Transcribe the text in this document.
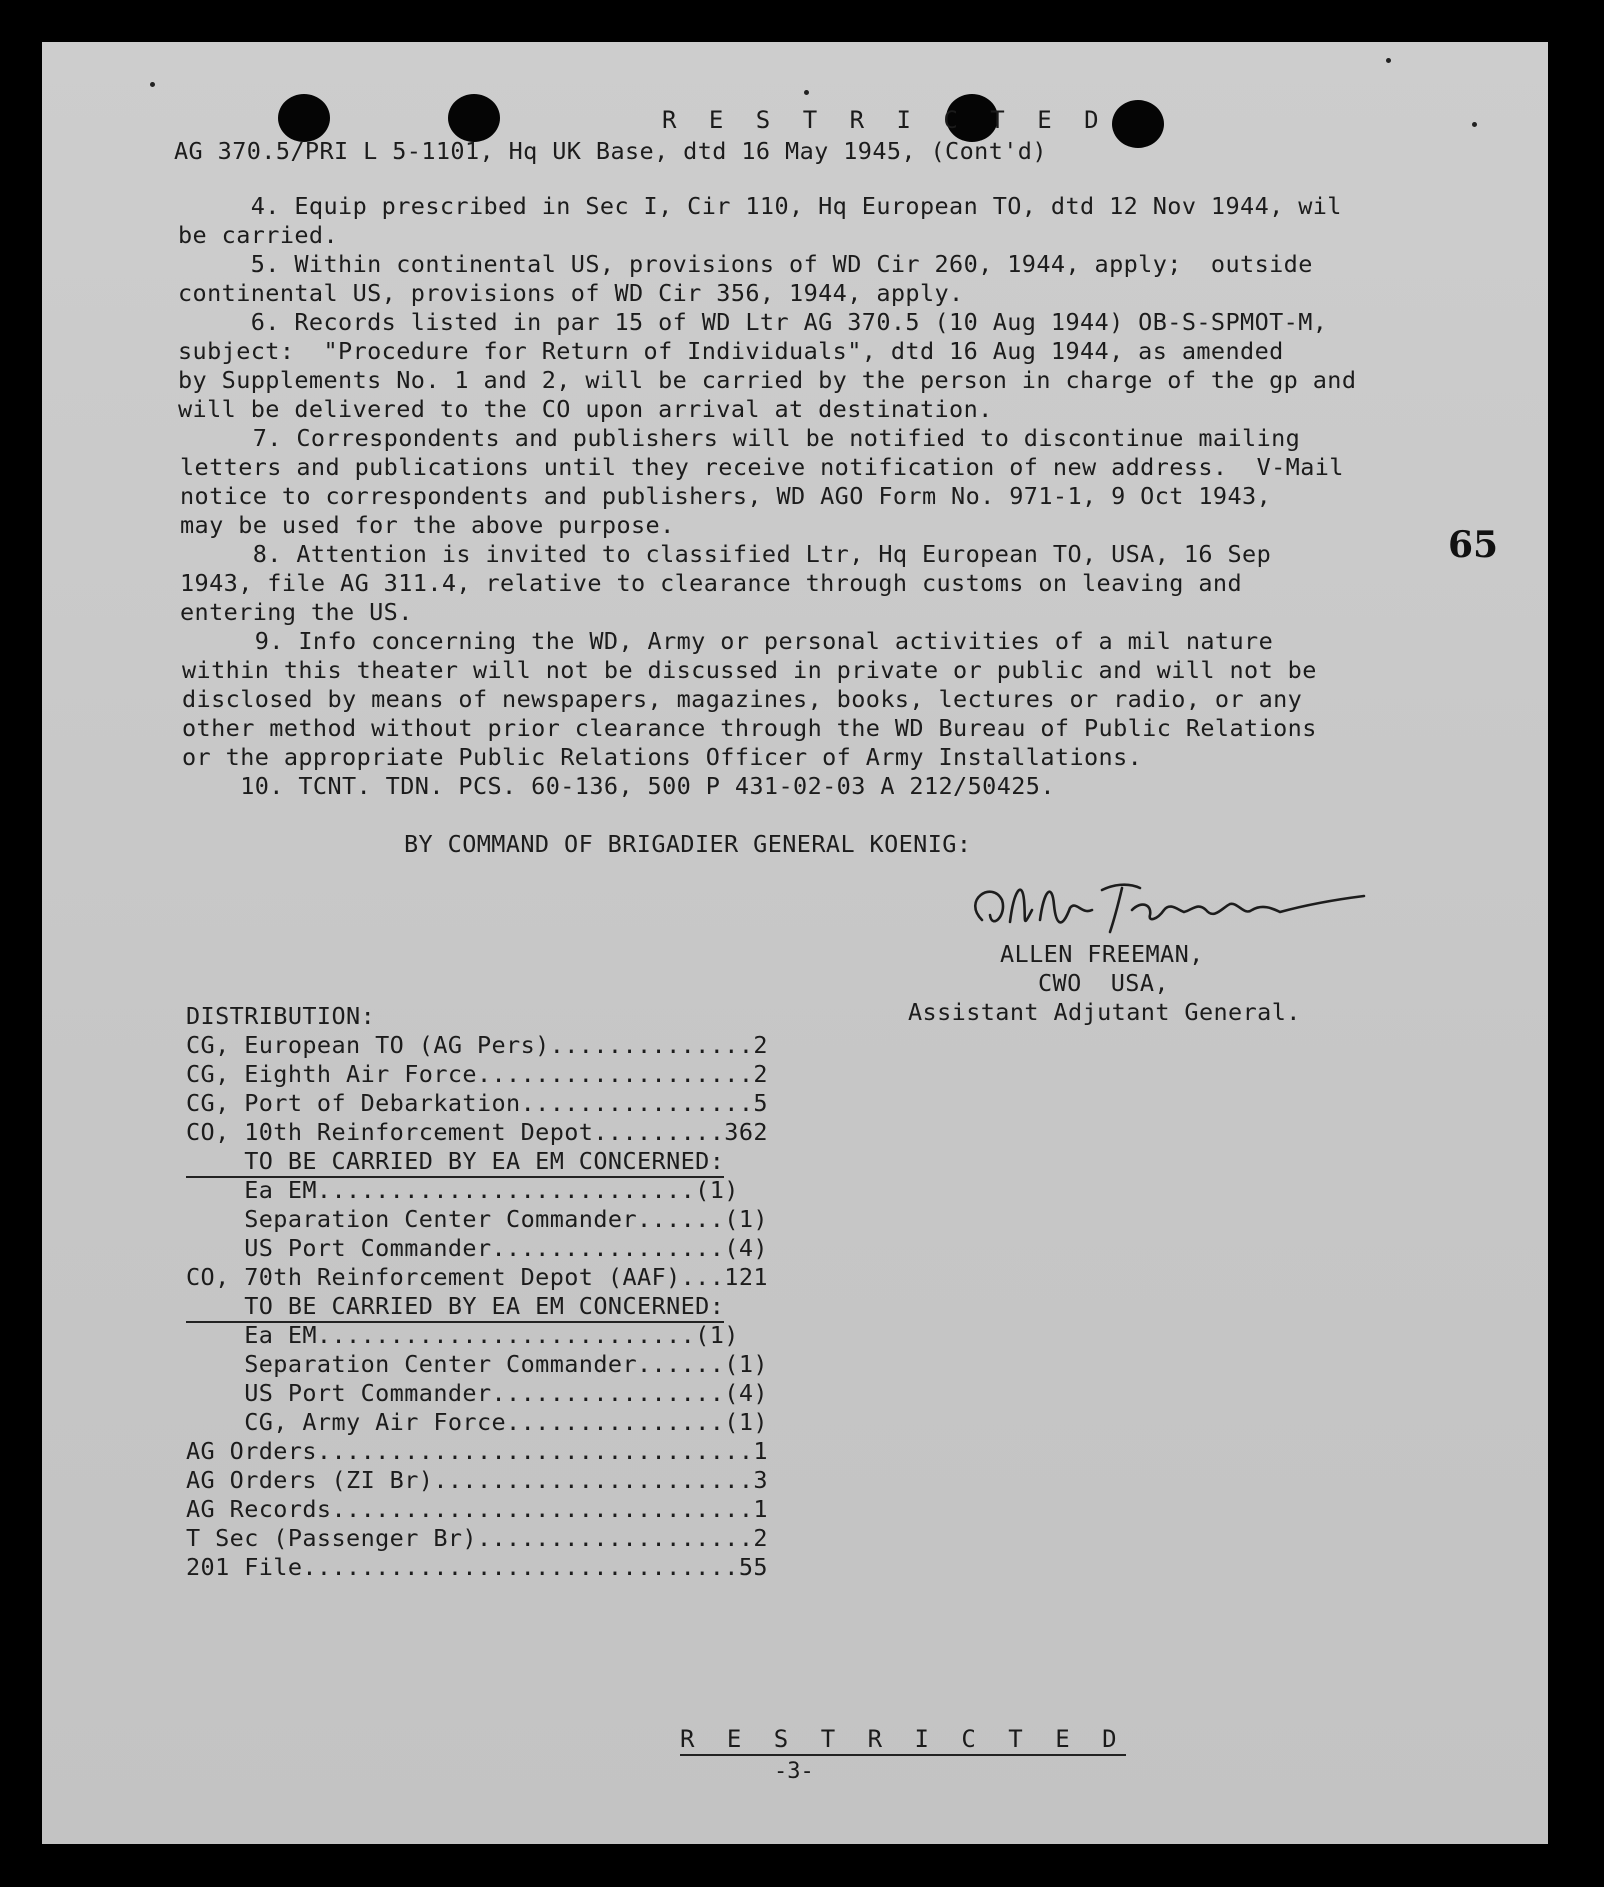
R E S T R I C T E D
AG 370.5/PRI L 5-1101, Hq UK Base, dtd 16 May 1945, (Cont'd)
4. Equip prescribed in Sec I, Cir 110, Hq European TO, dtd 12 Nov 1944, wil
be carried.
5. Within continental US, provisions of WD Cir 260, 1944, apply;  outside
continental US, provisions of WD Cir 356, 1944, apply.
6. Records listed in par 15 of WD Ltr AG 370.5 (10 Aug 1944) OB-S-SPMOT-M,
subject:  "Procedure for Return of Individuals", dtd 16 Aug 1944, as amended
by Supplements No. 1 and 2, will be carried by the person in charge of the gp and
will be delivered to the CO upon arrival at destination.
7. Correspondents and publishers will be notified to discontinue mailing
letters and publications until they receive notification of new address.  V-Mail
notice to correspondents and publishers, WD AGO Form No. 971-1, 9 Oct 1943,
may be used for the above purpose.
8. Attention is invited to classified Ltr, Hq European TO, USA, 16 Sep
1943, file AG 311.4, relative to clearance through customs on leaving and
entering the US.
9. Info concerning the WD, Army or personal activities of a mil nature
within this theater will not be discussed in private or public and will not be
disclosed by means of newspapers, magazines, books, lectures or radio, or any
other method without prior clearance through the WD Bureau of Public Relations
or the appropriate Public Relations Officer of Army Installations.
10. TCNT. TDN. PCS. 60-136, 500 P 431-02-03 A 212/50425.
65
BY COMMAND OF BRIGADIER GENERAL KOENIG:
ALLEN FREEMAN,
CWO  USA,
Assistant Adjutant General.
DISTRIBUTION:
CG, European TO (AG Pers)..............2
CG, Eighth Air Force...................2
CG, Port of Debarkation................5
CO, 10th Reinforcement Depot.........362
TO BE CARRIED BY EA EM CONCERNED:
Ea EM..........................(1)
Separation Center Commander......(1)
US Port Commander................(4)
CO, 70th Reinforcement Depot (AAF)...121
TO BE CARRIED BY EA EM CONCERNED:
Ea EM..........................(1)
Separation Center Commander......(1)
US Port Commander................(4)
CG, Army Air Force...............(1)
AG Orders..............................1
AG Orders (ZI Br)......................3
AG Records.............................1
T Sec (Passenger Br)...................2
201 File..............................55
R E S T R I C T E D
-3-
